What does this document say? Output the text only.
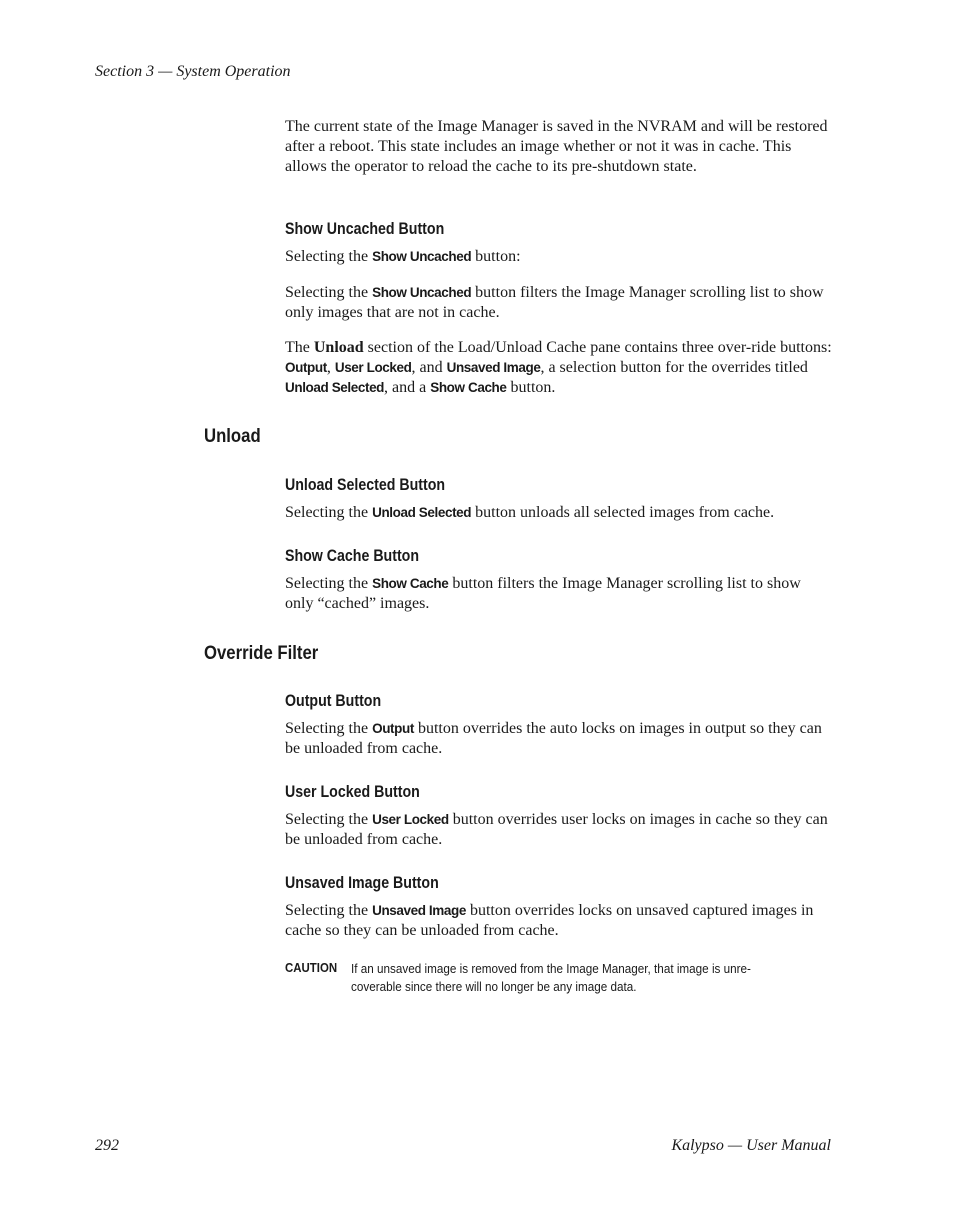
Section 3 — System Operation

The current state of the Image Manager is saved in the NVRAM and will be restored after a reboot. This state includes an image whether or not it was in cache. This allows the operator to reload the cache to its pre-shutdown state.

Show Uncached Button

Selecting the Show Uncached button:

Selecting the Show Uncached button filters the Image Manager scrolling list to show only images that are not in cache.

The Unload section of the Load/Unload Cache pane contains three over-ride buttons: Output, User Locked, and Unsaved Image, a selection button for the overrides titled Unload Selected, and a Show Cache button.

Unload
Unload Selected Button

Selecting the Unload Selected button unloads all selected images from cache.

Show Cache Button

Selecting the Show Cache button filters the Image Manager scrolling list to show only “cached” images.

Override Filter
Output Button

Selecting the Output button overrides the auto locks on images in output so they can be unloaded from cache.

User Locked Button

Selecting the User Locked button overrides user locks on images in cache so they can be unloaded from cache.

Unsaved Image Button

Selecting the Unsaved Image button overrides locks on unsaved captured images in cache so they can be unloaded from cache.

CAUTION If an unsaved image is removed from the Image Manager, that image is unre-coverable since there will no longer be any image data.
292	Kalypso — User Manual
